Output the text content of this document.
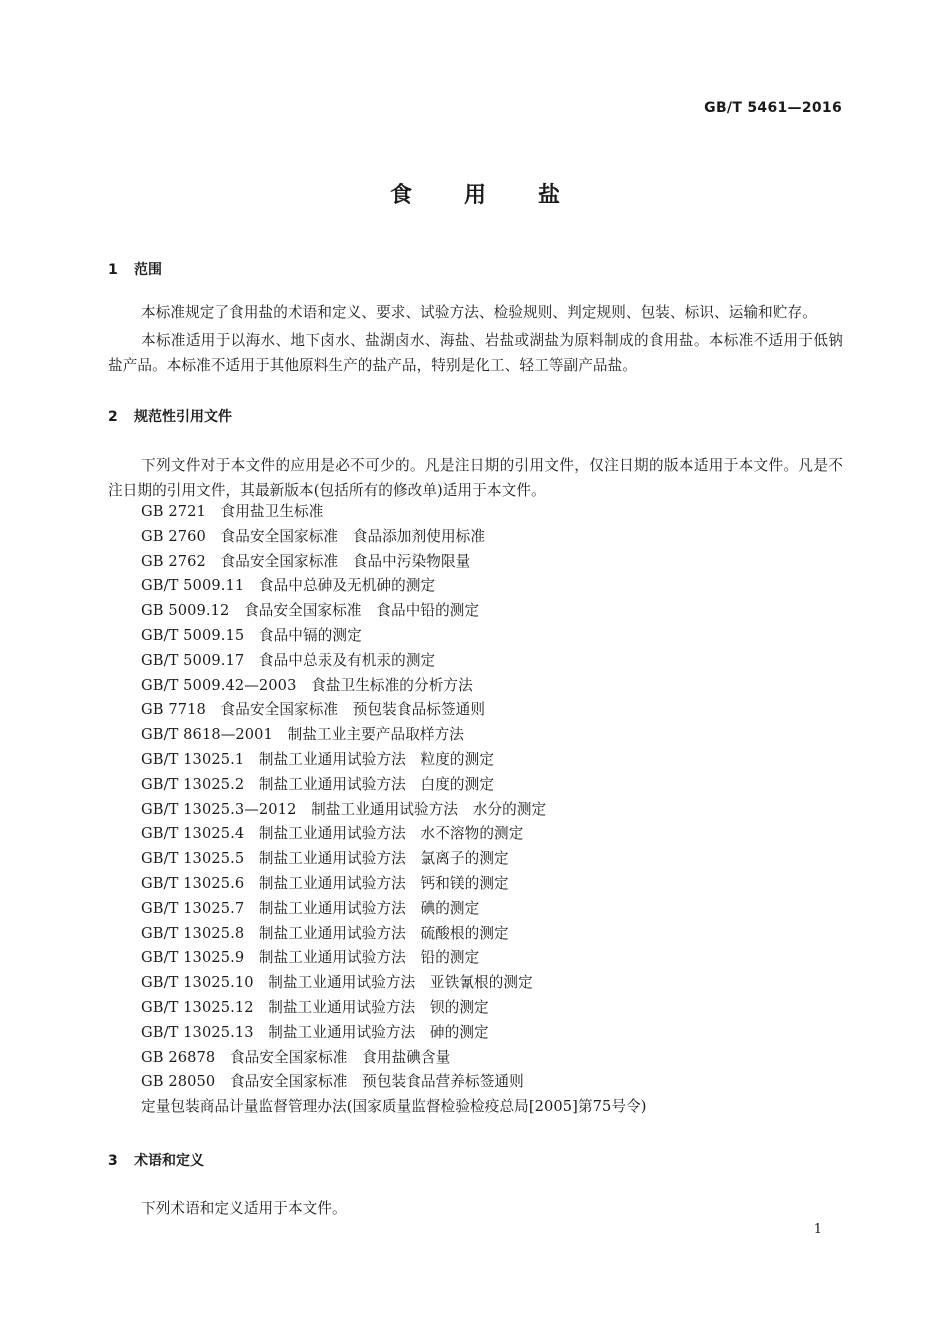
GB/T 5461—2016
食 用 盐
1 范围

本标准规定了食用盐的术语和定义、要求、试验方法、检验规则、判定规则、包装、标识、运输和贮存。

本标准适用于以海水、地下卤水、盐湖卤水、海盐、岩盐或湖盐为原料制成的食用盐。本标准不适用于低钠盐产品。本标准不适用于其他原料生产的盐产品，特别是化工、轻工等副产品盐。

2 规范性引用文件

下列文件对于本文件的应用是必不可少的。凡是注日期的引用文件，仅注日期的版本适用于本文件。凡是不注日期的引用文件，其最新版本(包括所有的修改单)适用于本文件。

GB 2721　食用盐卫生标准
GB 2760　食品安全国家标准　食品添加剂使用标准
GB 2762　食品安全国家标准　食品中污染物限量
GB/T 5009.11　食品中总砷及无机砷的测定
GB 5009.12　食品安全国家标准　食品中铅的测定
GB/T 5009.15　食品中镉的测定
GB/T 5009.17　食品中总汞及有机汞的测定
GB/T 5009.42—2003　食盐卫生标准的分析方法
GB 7718　食品安全国家标准　预包装食品标签通则
GB/T 8618—2001　制盐工业主要产品取样方法
GB/T 13025.1　制盐工业通用试验方法　粒度的测定
GB/T 13025.2　制盐工业通用试验方法　白度的测定
GB/T 13025.3—2012　制盐工业通用试验方法　水分的测定
GB/T 13025.4　制盐工业通用试验方法　水不溶物的测定
GB/T 13025.5　制盐工业通用试验方法　氯离子的测定
GB/T 13025.6　制盐工业通用试验方法　钙和镁的测定
GB/T 13025.7　制盐工业通用试验方法　碘的测定
GB/T 13025.8　制盐工业通用试验方法　硫酸根的测定
GB/T 13025.9　制盐工业通用试验方法　铅的测定
GB/T 13025.10　制盐工业通用试验方法　亚铁氰根的测定
GB/T 13025.12　制盐工业通用试验方法　钡的测定
GB/T 13025.13　制盐工业通用试验方法　砷的测定
GB 26878　食品安全国家标准　食用盐碘含量
GB 28050　食品安全国家标准　预包装食品营养标签通则
定量包装商品计量监督管理办法(国家质量监督检验检疫总局[2005]第75号令)
3 术语和定义

下列术语和定义适用于本文件。

1
